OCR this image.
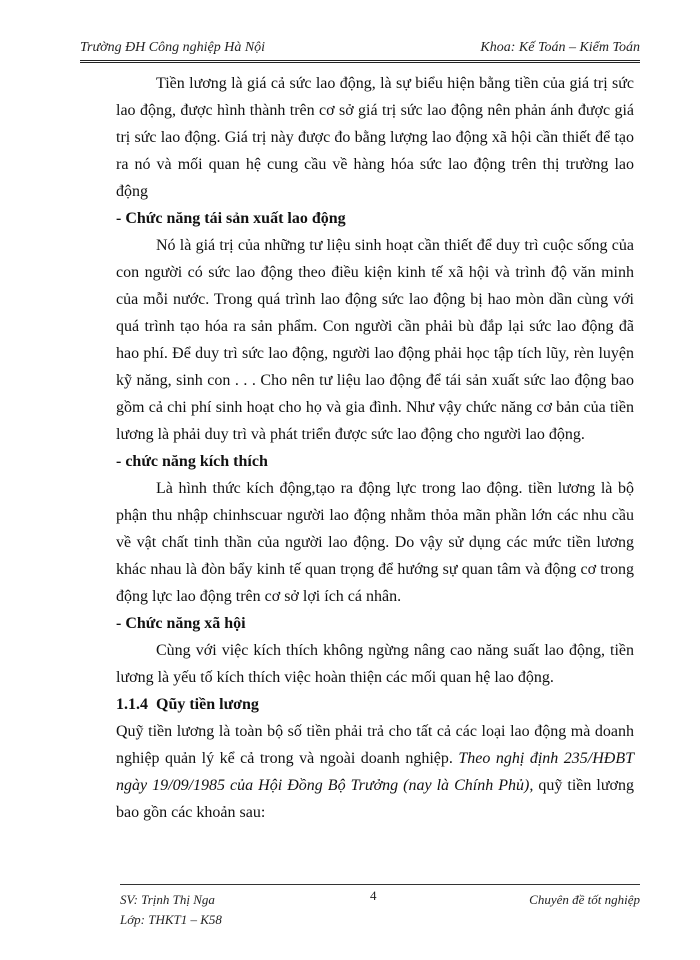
Trường ĐH Công nghiệp Hà Nội	Khoa: Kế Toán – Kiểm Toán

Tiền lương là giá cả sức lao động, là sự biểu hiện bằng tiền của giá trị sức lao động, được hình thành trên cơ sở giá trị sức lao động nên phản ánh được giá trị sức lao động. Giá trị này được đo bằng lượng lao động xã hội cần thiết để tạo ra nó và mối quan hệ cung cầu về hàng hóa sức lao động trên thị trường lao động

- Chức năng tái sản xuất lao động

Nó là giá trị của những tư liệu sinh hoạt cần thiết để duy trì cuộc sống của con người có sức lao động theo điều kiện kinh tế xã hội và trình độ văn minh của mỗi nước. Trong quá trình lao động sức lao động bị hao mòn dần cùng với quá trình tạo hóa ra sản phẩm. Con người cần phải bù đắp lại sức lao động đã hao phí. Để duy trì sức lao động, người lao động phải học tập tích lũy, rèn luyện kỹ năng, sinh con . . . Cho nên tư liệu lao động để tái sản xuất sức lao động bao gồm cả chi phí sinh hoạt cho họ và gia đình. Như vậy chức năng cơ bản của tiền lương là phải duy trì và phát triển được sức lao động cho người lao động.

- chức năng kích thích

Là hình thức kích động,tạo ra động lực trong lao động. tiền lương là bộ phận thu nhập chinhscuar người lao động nhằm thỏa mãn phần lớn các nhu cầu về vật chất tinh thần của người lao động. Do vậy sử dụng các mức tiền lương khác nhau là đòn bẩy kinh tế quan trọng để hướng sự quan tâm và động cơ trong động lực lao động trên cơ sở lợi ích cá nhân.

- Chức năng xã hội

Cùng với việc kích thích không ngừng nâng cao năng suất lao động, tiền lương là yếu tố kích thích việc hoàn thiện các mối quan hệ lao động.

1.1.4 Qũy tiền lương

Quỹ tiền lương là toàn bộ số tiền phải trả cho tất cả các loại lao động mà doanh nghiệp quản lý kể cả trong và ngoài doanh nghiệp. Theo nghị định 235/HĐBT ngày 19/09/1985 của Hội Đồng Bộ Trưởng (nay là Chính Phủ), quỹ tiền lương bao gồn các khoản sau:

4
SV: Trịnh Thị Nga
Lớp: THKT1 – K58
Chuyên đề tốt nghiệp
